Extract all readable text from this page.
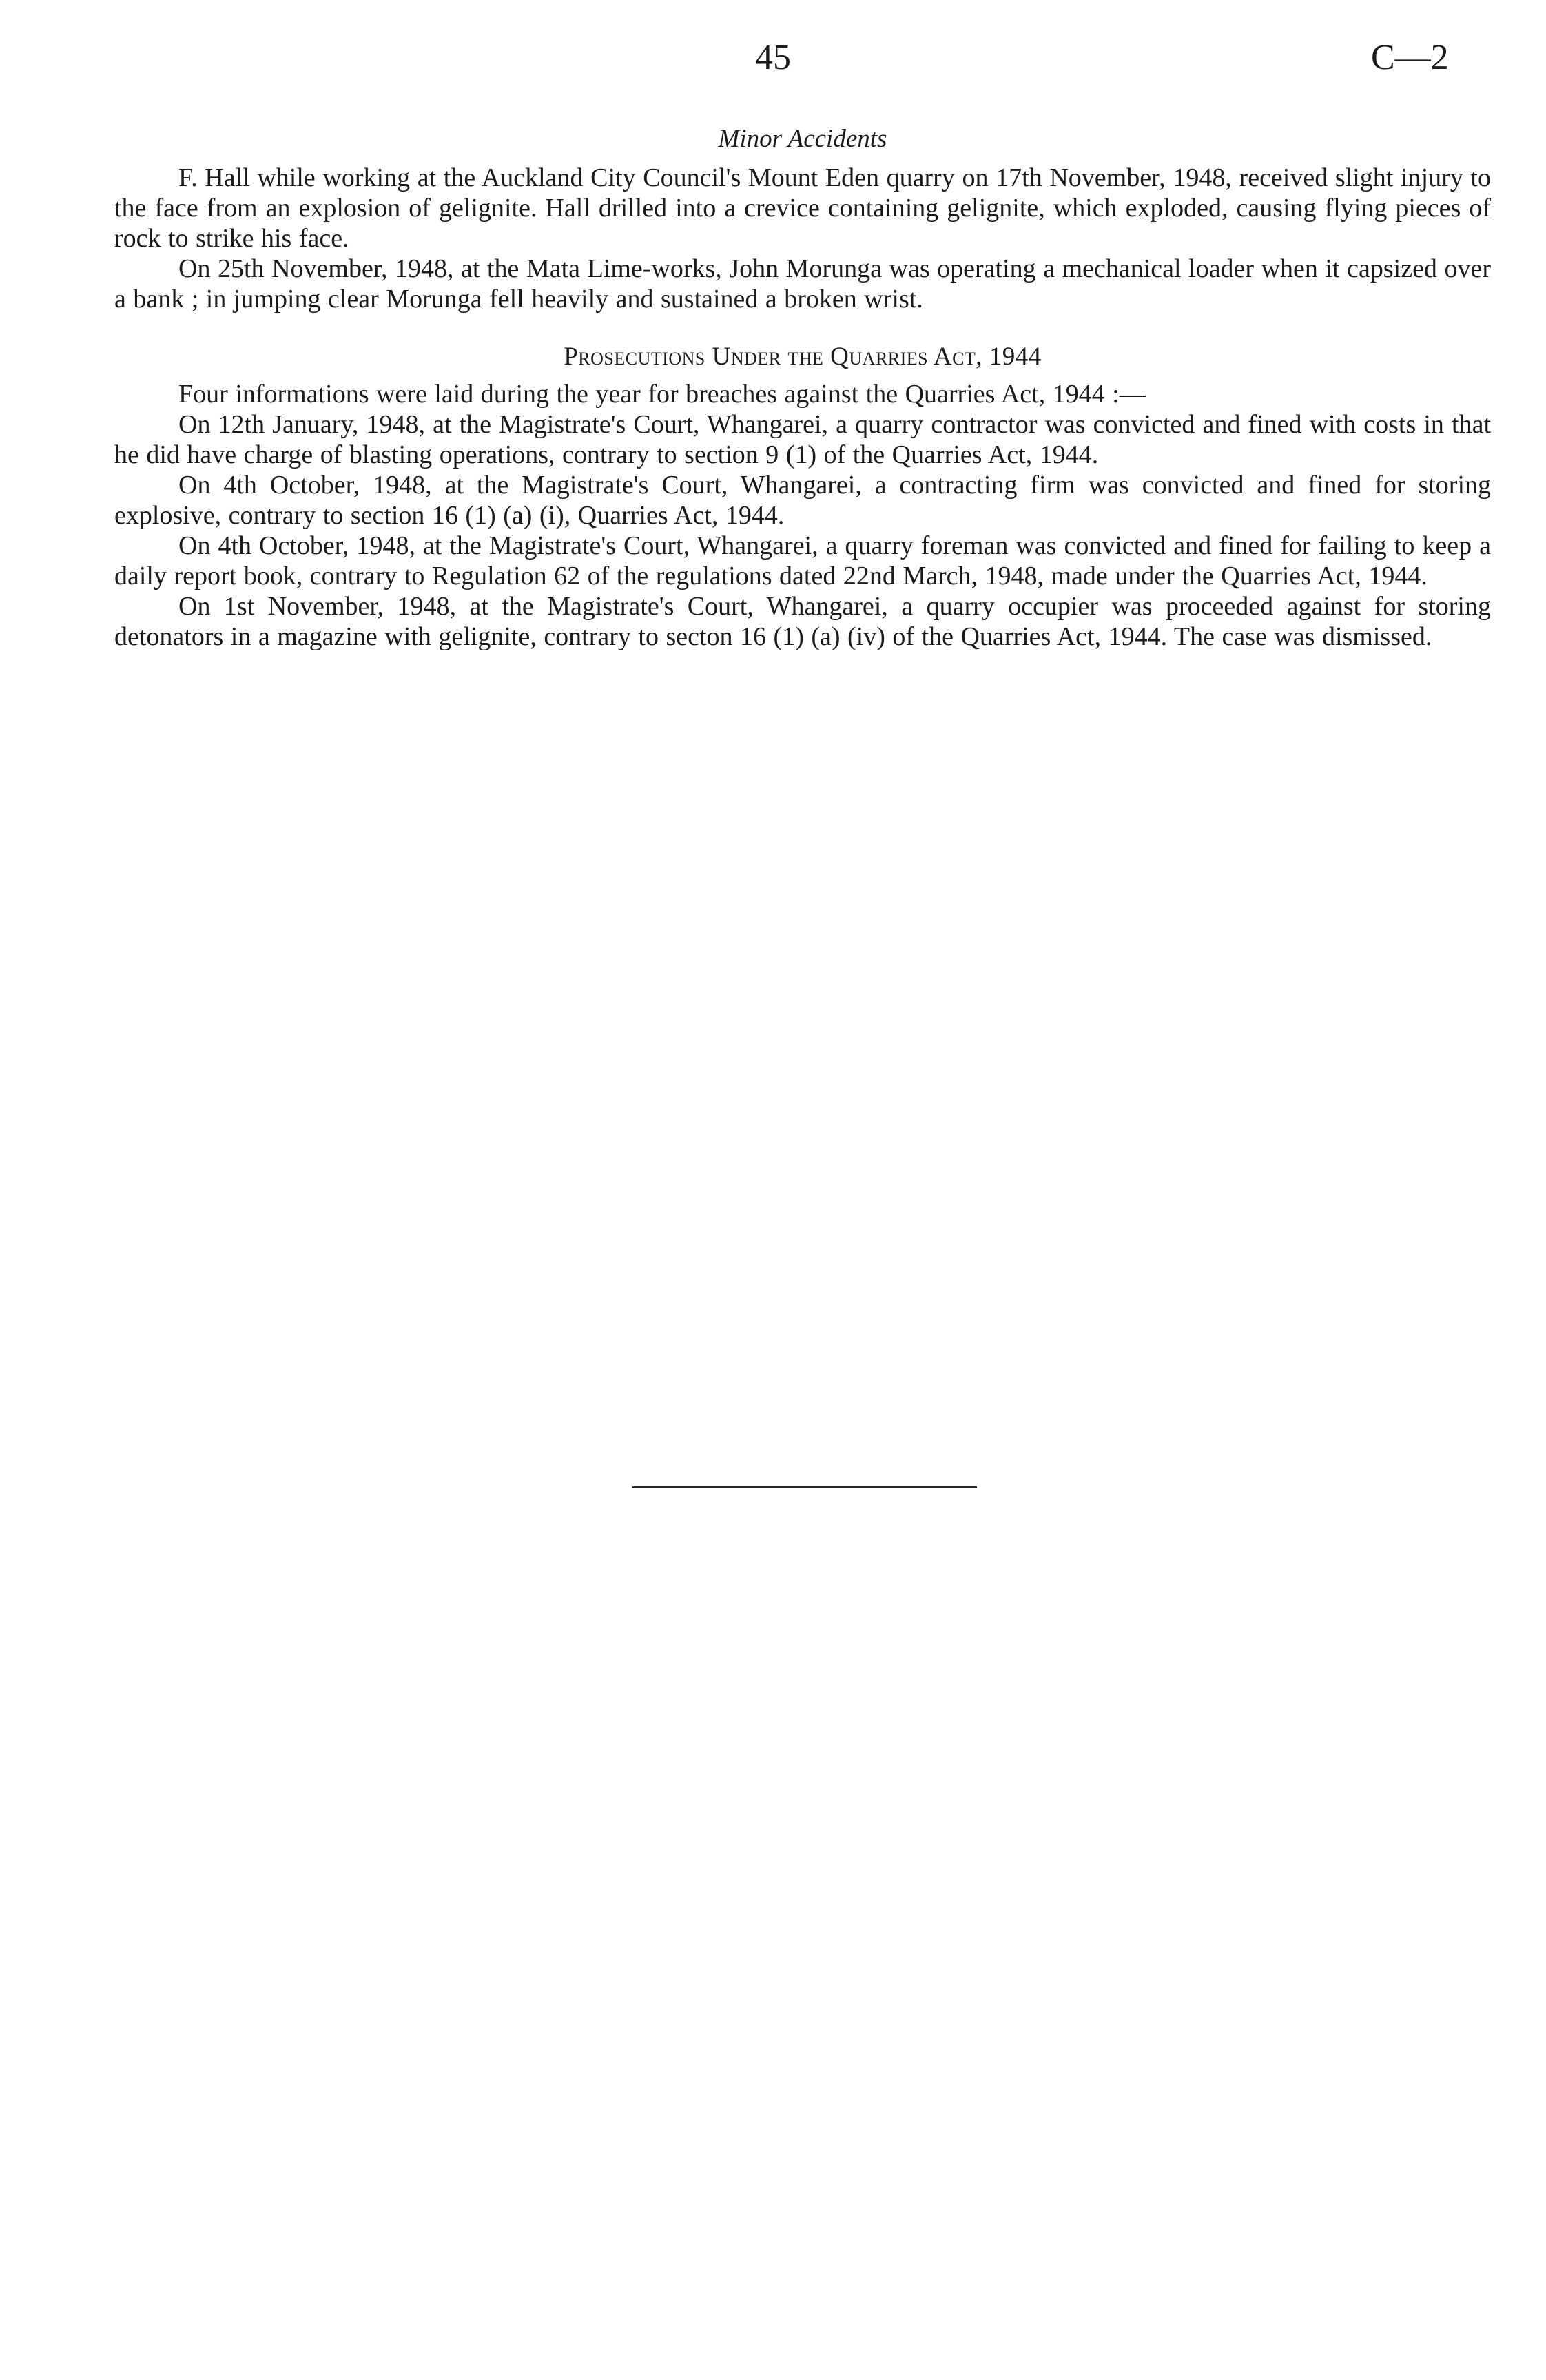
45	C—2
Minor Accidents

F. Hall while working at the Auckland City Council's Mount Eden quarry on 17th November, 1948, received slight injury to the face from an explosion of gelignite. Hall drilled into a crevice containing gelignite, which exploded, causing flying pieces of rock to strike his face.

On 25th November, 1948, at the Mata Lime-works, John Morunga was operating a mechanical loader when it capsized over a bank ; in jumping clear Morunga fell heavily and sustained a broken wrist.

Prosecutions Under the Quarries Act, 1944

Four informations were laid during the year for breaches against the Quarries Act, 1944 :—

On 12th January, 1948, at the Magistrate's Court, Whangarei, a quarry contractor was convicted and fined with costs in that he did have charge of blasting operations, contrary to section 9 (1) of the Quarries Act, 1944.

On 4th October, 1948, at the Magistrate's Court, Whangarei, a contracting firm was convicted and fined for storing explosive, contrary to section 16 (1) (a) (i), Quarries Act, 1944.

On 4th October, 1948, at the Magistrate's Court, Whangarei, a quarry foreman was convicted and fined for failing to keep a daily report book, contrary to Regulation 62 of the regulations dated 22nd March, 1948, made under the Quarries Act, 1944.

On 1st November, 1948, at the Magistrate's Court, Whangarei, a quarry occupier was proceeded against for storing detonators in a magazine with gelignite, contrary to secton 16 (1) (a) (iv) of the Quarries Act, 1944. The case was dismissed.
